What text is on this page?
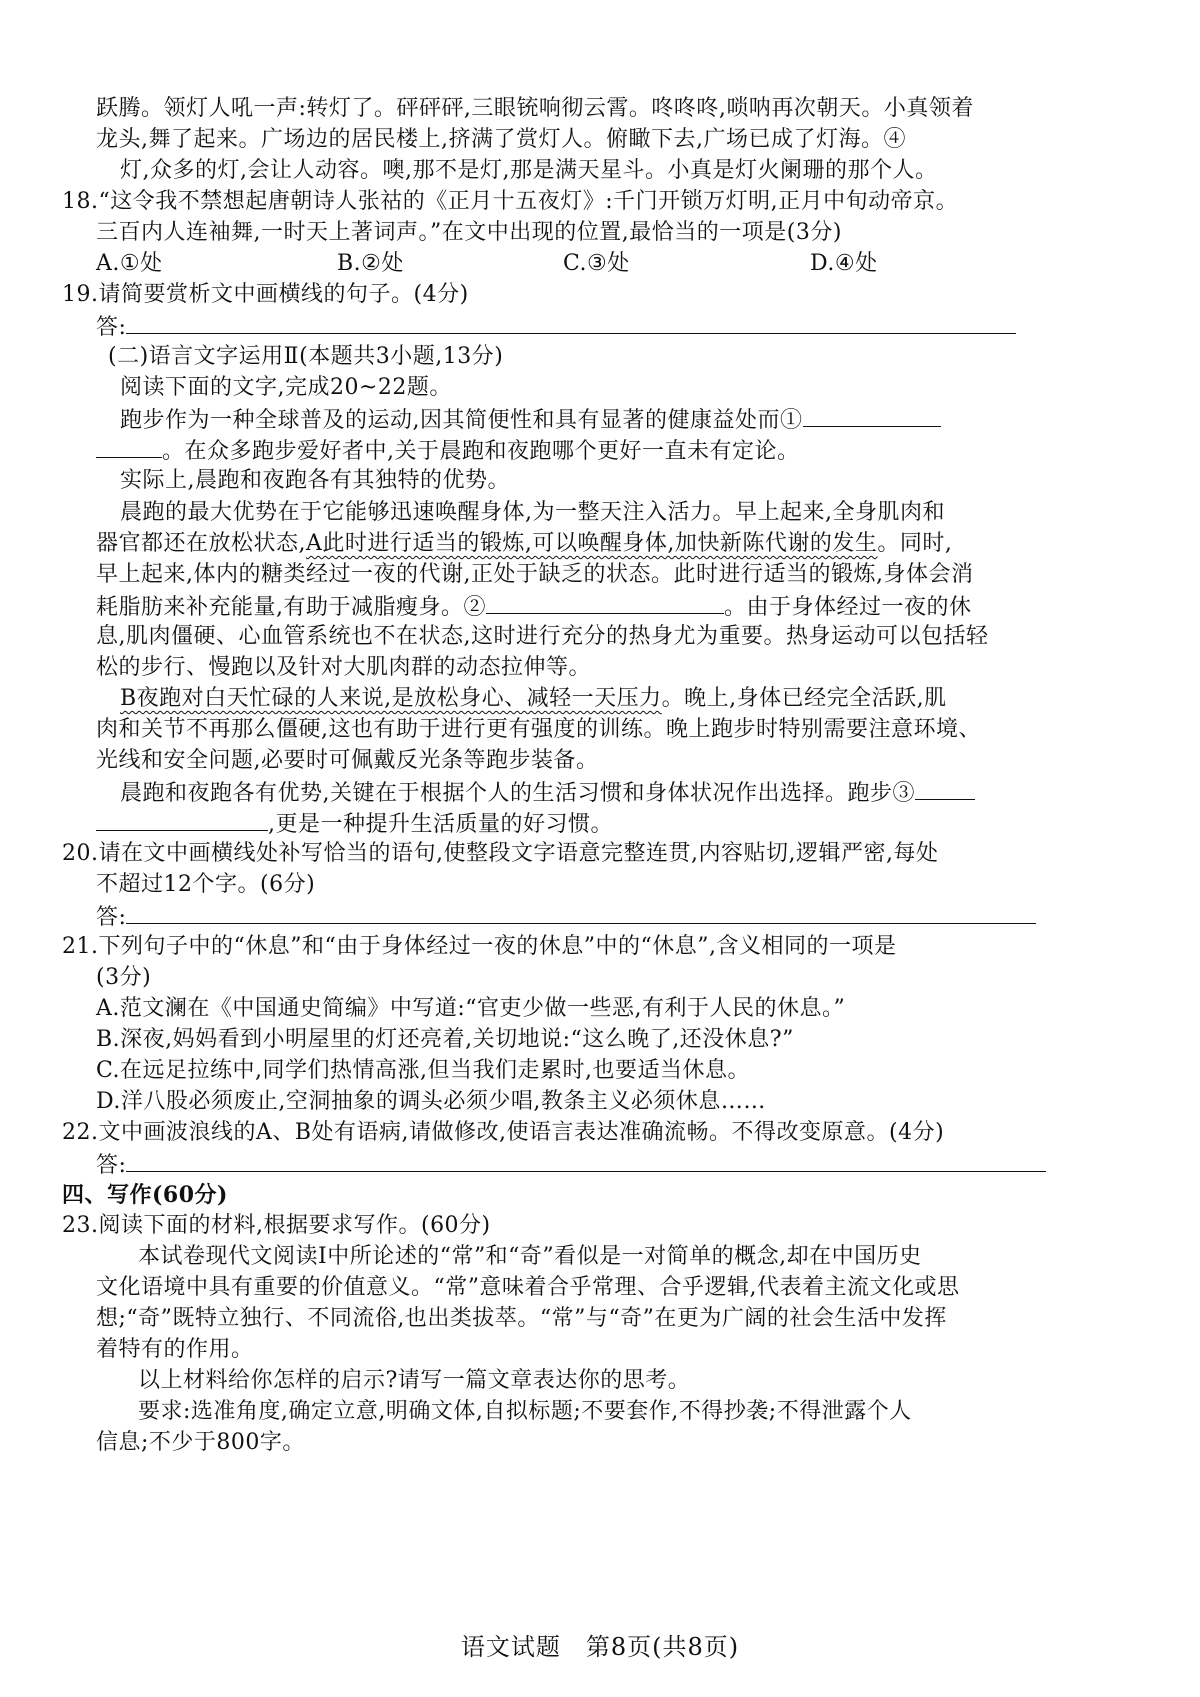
跃腾。领灯人吼一声:转灯了。砰砰砰,三眼铳响彻云霄。咚咚咚,唢呐再次朝天。小真领着
龙头,舞了起来。广场边的居民楼上,挤满了赏灯人。俯瞰下去,广场已成了灯海。④
灯,众多的灯,会让人动容。噢,那不是灯,那是满天星斗。小真是灯火阑珊的那个人。
18.“这令我不禁想起唐朝诗人张祜的《正月十五夜灯》:千门开锁万灯明,正月中旬动帝京。
三百内人连袖舞,一时天上著词声。”在文中出现的位置,最恰当的一项是(3分)
A.①处	B.②处	C.③处	D.④处
19.请简要赏析文中画横线的句子。(4分)
答:
(二)语言文字运用Ⅱ(本题共3小题,13分)
阅读下面的文字,完成20~22题。
跑步作为一种全球普及的运动,因其简便性和具有显著的健康益处而①
。在众多跑步爱好者中,关于晨跑和夜跑哪个更好一直未有定论。
实际上,晨跑和夜跑各有其独特的优势。
晨跑的最大优势在于它能够迅速唤醒身体,为一整天注入活力。早上起来,全身肌肉和
器官都还在放松状态,A此时进行适当的锻炼,可以唤醒身体,加快新陈代谢的发生。同时,
早上起来,体内的糖类经过一夜的代谢,正处于缺乏的状态。此时进行适当的锻炼,身体会消
耗脂肪来补充能量,有助于减脂瘦身。②	。由于身体经过一夜的休
息,肌肉僵硬、心血管系统也不在状态,这时进行充分的热身尤为重要。热身运动可以包括轻
松的步行、慢跑以及针对大肌肉群的动态拉伸等。
B夜跑对白天忙碌的人来说,是放松身心、减轻一天压力。晚上,身体已经完全活跃,肌
肉和关节不再那么僵硬,这也有助于进行更有强度的训练。晚上跑步时特别需要注意环境、
光线和安全问题,必要时可佩戴反光条等跑步装备。
晨跑和夜跑各有优势,关键在于根据个人的生活习惯和身体状况作出选择。跑步③
,更是一种提升生活质量的好习惯。
20.请在文中画横线处补写恰当的语句,使整段文字语意完整连贯,内容贴切,逻辑严密,每处
不超过12个字。(6分)
答:
21.下列句子中的“休息”和“由于身体经过一夜的休息”中的“休息”,含义相同的一项是
(3分)
A.范文澜在《中国通史简编》中写道:“官吏少做一些恶,有利于人民的休息。”
B.深夜,妈妈看到小明屋里的灯还亮着,关切地说:“这么晚了,还没休息?”
C.在远足拉练中,同学们热情高涨,但当我们走累时,也要适当休息。
D.洋八股必须废止,空洞抽象的调头必须少唱,教条主义必须休息……
22.文中画波浪线的A、B处有语病,请做修改,使语言表达准确流畅。不得改变原意。(4分)
答:
四、写作(60分)
23.阅读下面的材料,根据要求写作。(60分)
本试卷现代文阅读Ⅰ中所论述的“常”和“奇”看似是一对简单的概念,却在中国历史
文化语境中具有重要的价值意义。“常”意味着合乎常理、合乎逻辑,代表着主流文化或思
想;“奇”既特立独行、不同流俗,也出类拔萃。“常”与“奇”在更为广阔的社会生活中发挥
着特有的作用。
以上材料给你怎样的启示?请写一篇文章表达你的思考。
要求:选准角度,确定立意,明确文体,自拟标题;不要套作,不得抄袭;不得泄露个人
信息;不少于800字。
语文试题　第8页(共8页)
